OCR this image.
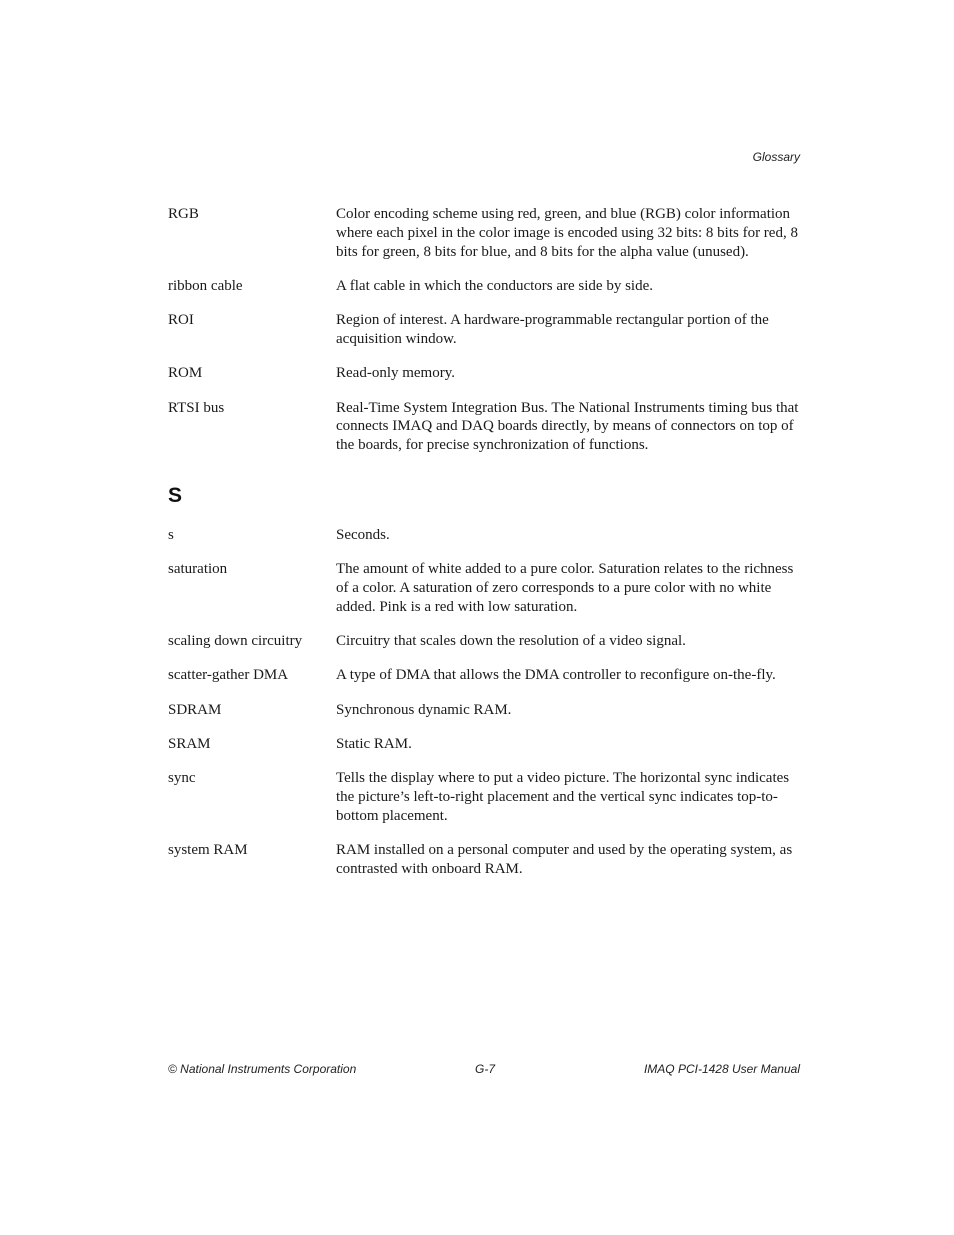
Glossary
RGB	Color encoding scheme using red, green, and blue (RGB) color information where each pixel in the color image is encoded using 32 bits: 8 bits for red, 8 bits for green, 8 bits for blue, and 8 bits for the alpha value (unused).
ribbon cable	A flat cable in which the conductors are side by side.
ROI	Region of interest. A hardware-programmable rectangular portion of the acquisition window.
ROM	Read-only memory.
RTSI bus	Real-Time System Integration Bus. The National Instruments timing bus that connects IMAQ and DAQ boards directly, by means of connectors on top of the boards, for precise synchronization of functions.
S
s	Seconds.
saturation	The amount of white added to a pure color. Saturation relates to the richness of a color. A saturation of zero corresponds to a pure color with no white added. Pink is a red with low saturation.
scaling down circuitry	Circuitry that scales down the resolution of a video signal.
scatter-gather DMA	A type of DMA that allows the DMA controller to reconfigure on-the-fly.
SDRAM	Synchronous dynamic RAM.
SRAM	Static RAM.
sync	Tells the display where to put a video picture. The horizontal sync indicates the picture’s left-to-right placement and the vertical sync indicates top-to-bottom placement.
system RAM	RAM installed on a personal computer and used by the operating system, as contrasted with onboard RAM.
© National Instruments Corporation	G-7	IMAQ PCI-1428 User Manual
